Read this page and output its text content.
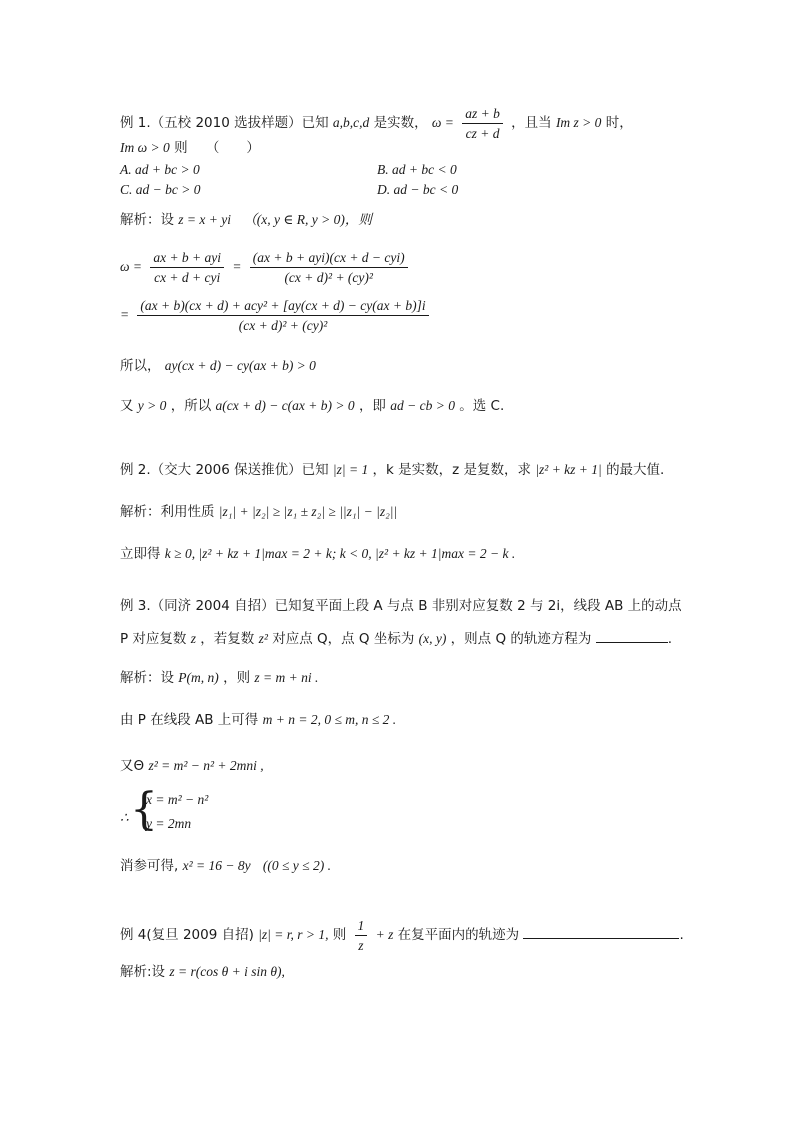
例 1.（五校 2010 选拔样题）已知 a,b,c,d 是实数， $\omega = \frac{az + b}{cz + d}$ ，且当 Im z > 0 时，
Im ω > 0 则 （　　）
A. ad + bc > 0	B. ad + bc < 0
C. ad − bc > 0	D. ad − bc < 0
解析：设 z = x + yi （(x, y ∈ R, y > 0)，则
$\omega = \frac{\text{ax + b + ayi}}{\text{cx + d + cyi}} = \frac{\text{(ax + b + ayi)(cx + d − cyi)}}{\text{(cx + d)² + (cy)²}}$
= $\frac{\text{(ax + b)(cx + d) + acy² + [ay(cx + d) − cy(ax + b)]i}}{\text{(cx + d)² + (cy)²}}$
所以， ay(cx + d) − cy(ax + b) > 0
又 y > 0 ，所以 a(cx + d) − c(ax + b) > 0 ，即 ad − cb > 0 。选 C.
例 2.（交大 2006 保送推优）已知 |z| = 1 ，k 是实数，z 是复数，求 |z² + kz + 1| 的最大值.
解析：利用性质 |z₁| + |z₂| ≥ |z₁ ± z₂| ≥ ||z₁| − |z₂||
立即得 k ≥ 0, |z² + kz + 1|max = 2 + k; k < 0, |z² + kz + 1|max = 2 − k .
例 3.（同济 2004 自招）已知复平面上段 A 与点 B 非别对应复数 2 与 2i，线段 AB 上的动点
P 对应复数 z ，若复数 z² 对应点 Q，点 Q 坐标为 (x, y) ，则点 Q 的轨迹方程为	.
解析：设 P(m, n) ，则 z = m + ni .
由 P 在线段 AB 上可得 m + n = 2, 0 ≤ m, n ≤ 2 .
又Θ z² = m² − n² + 2mni ,
∴ {
x = m² − n²
y = 2mn
消参可得, x² = 16 − 8y ((0 ≤ y ≤ 2) .
例 4(复旦 2009 自招) |z| = r, r > 1, 则 $\frac{1}{z} + z$ 在复平面内的轨迹为	.
解析:设 z = r(cos θ + i sin θ),
